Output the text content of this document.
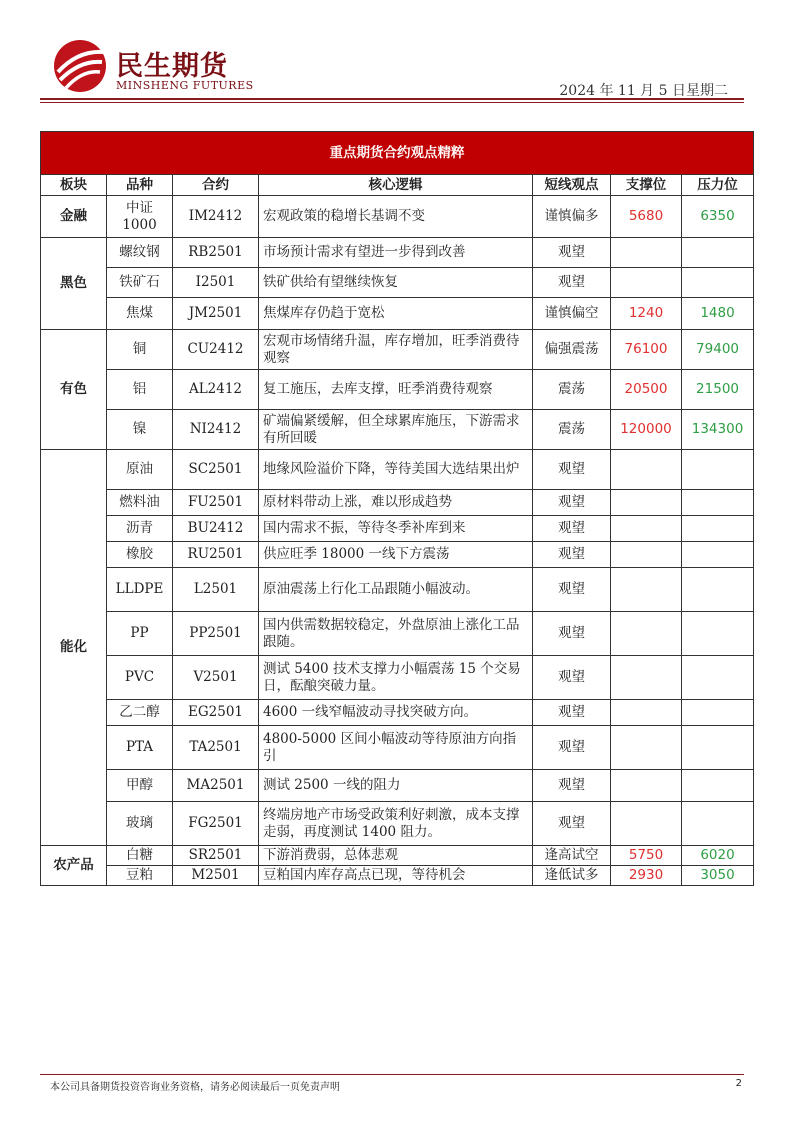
民生期货
MINSHENG FUTURES	2024 年 11 月 5 日星期二
重点期货合约观点精粹						
板块	品种	合约	核心逻辑	短线观点	支撑位	压力位
金融	中证1000	IM2412	宏观政策的稳增长基调不变	谨慎偏多	5680	6350
黑色	螺纹钢	RB2501	市场预计需求有望进一步得到改善	观望		
	铁矿石	I2501	铁矿供给有望继续恢复	观望		
	焦煤	JM2501	焦煤库存仍趋于宽松	谨慎偏空	1240	1480
有色	铜	CU2412	宏观市场情绪升温，库存增加，旺季消费待观察	偏强震荡	76100	79400
	铝	AL2412	复工施压，去库支撑，旺季消费待观察	震荡	20500	21500
	镍	NI2412	矿端偏紧缓解，但全球累库施压，下游需求有所回暖	震荡	120000	134300
能化	原油	SC2501	地缘风险溢价下降，等待美国大选结果出炉	观望		
	燃料油	FU2501	原材料带动上涨，难以形成趋势	观望		
	沥青	BU2412	国内需求不振，等待冬季补库到来	观望		
	橡胶	RU2501	供应旺季 18000 一线下方震荡	观望		
	LLDPE	L2501	原油震荡上行化工品跟随小幅波动。	观望		
	PP	PP2501	国内供需数据较稳定，外盘原油上涨化工品跟随。	观望		
	PVC	V2501	测试 5400 技术支撑力小幅震荡 15 个交易日，酝酿突破力量。	观望		
	乙二醇	EG2501	4600 一线窄幅波动寻找突破方向。	观望		
	PTA	TA2501	4800-5000 区间小幅波动等待原油方向指引	观望		
	甲醇	MA2501	测试 2500 一线的阻力	观望		
	玻璃	FG2501	终端房地产市场受政策利好刺激，成本支撑走弱，再度测试 1400 阻力。	观望		
农产品	白糖	SR2501	下游消费弱，总体悲观	逢高试空	5750	6020
	豆粕	M2501	豆粕国内库存高点已现，等待机会	逢低试多	2930	3050
本公司具备期货投资咨询业务资格，请务必阅读最后一页免责声明	2
